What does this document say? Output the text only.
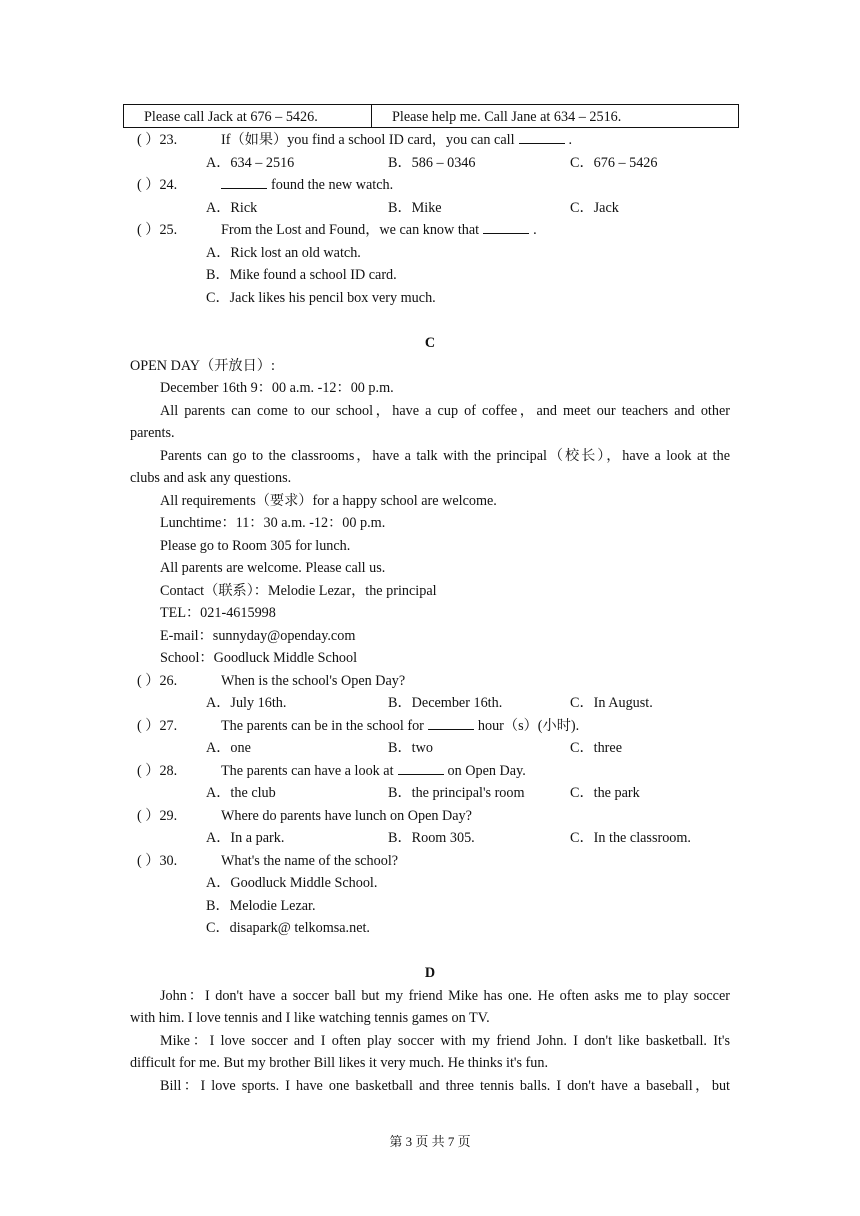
Please call Jack at 676 – 5426.	Please help me. Call Jane at 634 – 2516.
( ）23.	If（如果）you find a school ID card，you can call	.
A．634 – 2516	B．586 – 0346	C．676 – 5426
( ）24.	found the new watch.
A．Rick	B．Mike	C．Jack
( ）25.	From the Lost and Found，we can know that	.
A．Rick lost an old watch.
B．Mike found a school ID card.
C．Jack likes his pencil box very much.
C
OPEN DAY（开放日）:
December 16th 9：00 a.m. -12：00 p.m.
All parents can come to our school，have a cup of coffee，and meet our teachers and other
parents.
Parents can go to the classrooms，have a talk with the principal（校长），have a look at the
clubs and ask any questions.
All requirements（要求）for a happy school are welcome.
Lunchtime：11：30 a.m. -12：00 p.m.
Please go to Room 305 for lunch.
All parents are welcome. Please call us.
Contact（联系）：Melodie Lezar，the principal
TEL：021-4615998
E-mail：sunnyday@openday.com
School：Goodluck Middle School
( ）26.	When is the school's Open Day?
A．July 16th.	B．December 16th.	C．In August.
( ）27.	The parents can be in the school for	hour（s）(小时).
A．one	B．two	C．three
( ）28.	The parents can have a look at	on Open Day.
A．the club	B．the principal's room	C．the park
( ）29.	Where do parents have lunch on Open Day?
A．In a park.	B．Room 305.	C．In the classroom.
( ）30.	What's the name of the school?
A．Goodluck Middle School.
B．Melodie Lezar.
C．disapark@ telkomsa.net.
D
John：I don't have a soccer ball but my friend Mike has one. He often asks me to play soccer
with him. I love tennis and I like watching tennis games on TV.
Mike：I love soccer and I often play soccer with my friend John. I don't like basketball. It's
difficult for me. But my brother Bill likes it very much. He thinks it's fun.
Bill：I love sports. I have one basketball and three tennis balls. I don't have a baseball，but
第 3 页 共 7 页
